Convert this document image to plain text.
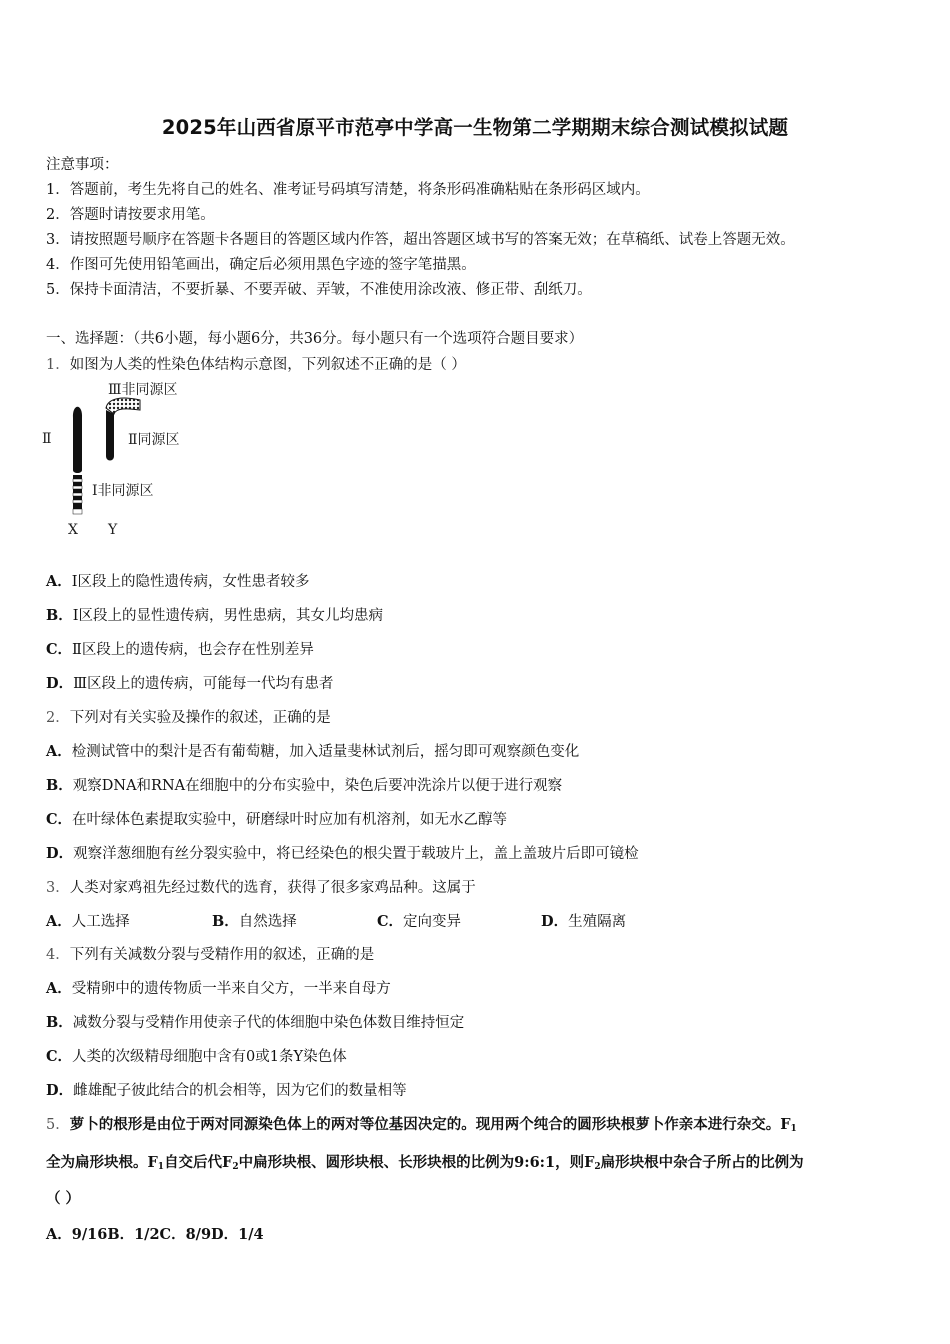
2025年山西省原平市范亭中学高一生物第二学期期末综合测试模拟试题
注意事项：
1．答题前，考生先将自己的姓名、准考证号码填写清楚，将条形码准确粘贴在条形码区域内。
2．答题时请按要求用笔。
3．请按照题号顺序在答题卡各题目的答题区域内作答，超出答题区域书写的答案无效；在草稿纸、试卷上答题无效。
4．作图可先使用铅笔画出，确定后必须用黑色字迹的签字笔描黑。
5．保持卡面清洁，不要折暴、不要弄破、弄皱，不准使用涂改液、修正带、刮纸刀。
一、选择题：（共6小题，每小题6分，共36分。每小题只有一个选项符合题目要求）
1．如图为人类的性染色体结构示意图，下列叙述不正确的是（ ）
Ⅱ
Ⅲ非同源区
Ⅱ同源区
Ⅰ非同源区
X Y
A．Ⅰ区段上的隐性遗传病，女性患者较多
B．I区段上的显性遗传病，男性患病，其女儿均患病
C．Ⅱ区段上的遗传病，也会存在性别差异
D．Ⅲ区段上的遗传病，可能每一代均有患者
2．下列对有关实验及操作的叙述，正确的是
A．检测试管中的梨汁是否有葡萄糖，加入适量斐林试剂后，摇匀即可观察颜色变化
B．观察DNA和RNA在细胞中的分布实验中，染色后要冲洗涂片以便于进行观察
C．在叶绿体色素提取实验中，研磨绿叶时应加有机溶剂，如无水乙醇等
D．观察洋葱细胞有丝分裂实验中，将已经染色的根尖置于载玻片上，盖上盖玻片后即可镜检
3．人类对家鸡祖先经过数代的选育，获得了很多家鸡品种。这属于
A．人工选择	B．自然选择	C．定向变异	D．生殖隔离
4．下列有关减数分裂与受精作用的叙述，正确的是
A．受精卵中的遗传物质一半来自父方，一半来自母方
B．减数分裂与受精作用使亲子代的体细胞中染色体数目维持恒定
C．人类的次级精母细胞中含有0或1条Y染色体
D．雌雄配子彼此结合的机会相等，因为它们的数量相等
5．萝卜的根形是由位于两对同源染色体上的两对等位基因决定的。现用两个纯合的圆形块根萝卜作亲本进行杂交。$F_1$
全为扁形块根。$F_1$自交后代$F_2$中扁形块根、圆形块根、长形块根的比例为9:6:1，则$F_2$扁形块根中杂合子所占的比例为
（ ）
A．9/16B．1/2C．8/9D．1/4
